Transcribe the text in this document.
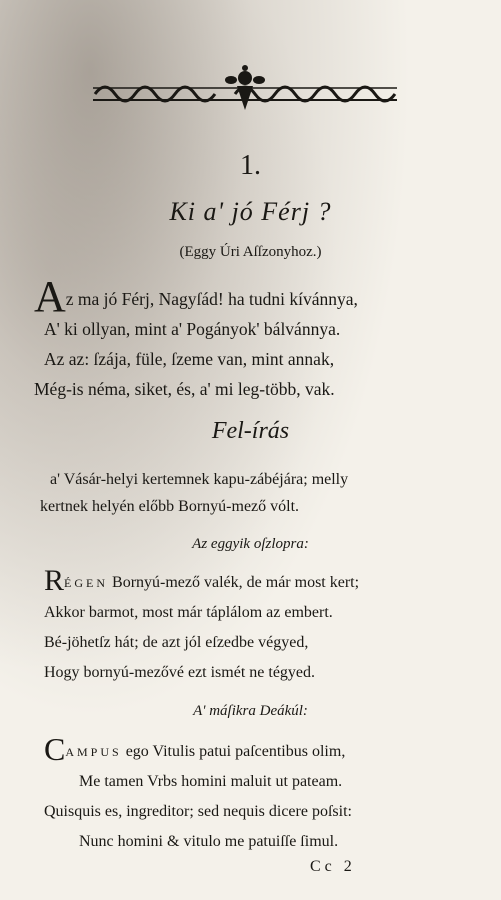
1.
Ki a' jó Férj ?
(Eggy Úri Aſſzonyhoz.)
Az ma jó Férj, Nagyſád! ha tudni kívánnya,
A' ki ollyan, mint a' Pogányok' bálvánnya.
Az az: ſzája, füle, ſzeme van, mint annak,
Még-is néma, siket, és, a' mi leg-több, vak.
Fel-írás
a' Vásár-helyi kertemnek kapu-zábéjára; melly
kertnek helyén előbb Bornyú-mező vólt.
Az eggyik oſzlopra:
RÉGEN Bornyú-mező valék, de már most kert;
Akkor barmot, most már táplálom az embert.
Bé-jöhetſz hát; de azt jól eſzedbe végyed,
Hogy bornyú-mezővé ezt ismét ne tégyed.
A' máſikra Deákúl:
CAMPUS ego Vitulis patui paſcentibus olim,
Me tamen Vrbs homini maluit ut pateam.
Quisquis es, ingreditor; sed nequis dicere poſsit:
Nunc homini & vitulo me patuiſſe ſimul.
Cc 2
